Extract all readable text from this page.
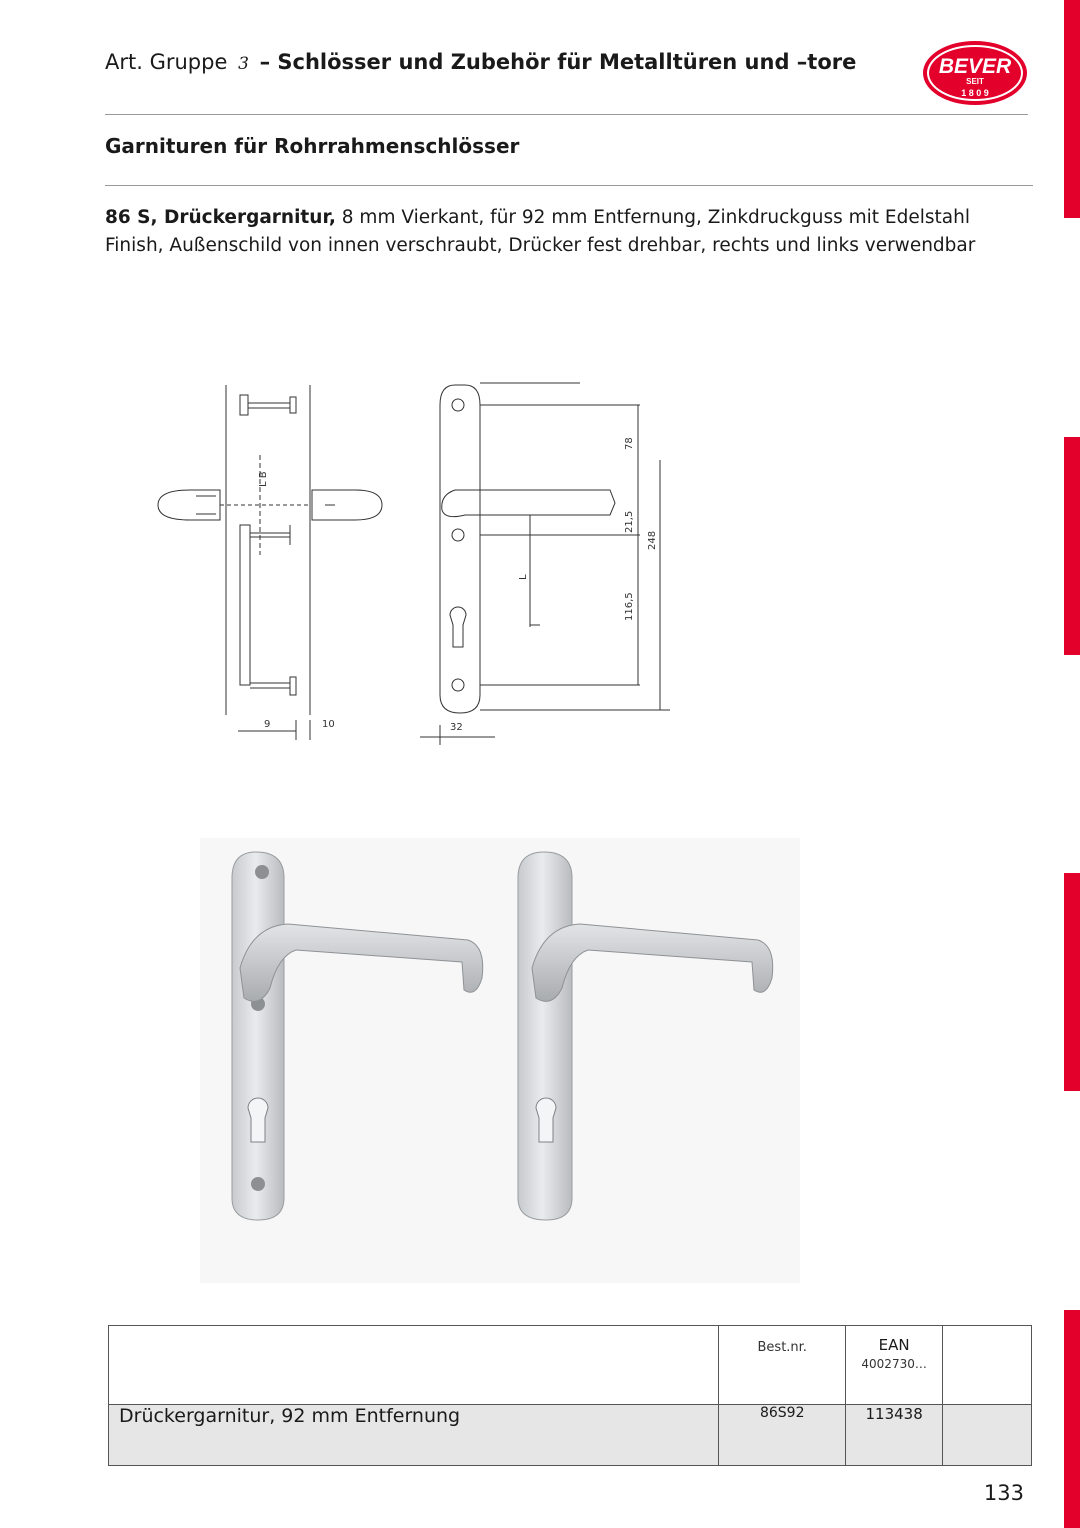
Art. Gruppe 3 – Schlösser und Zubehör für Metalltüren und –tore	BEVER
SEIT
1 8 0 9
Garnituren für Rohrrahmenschlösser
86 S, Drückergarnitur, 8 mm Vierkant, für 92 mm Entfernung, Zinkdruckguss mit Edelstahl Finish, Außenschild von innen verschraubt, Drücker fest drehbar, rechts und links verwendbar
78
21,5
248
116,5
L
L B
9	10	32
	Best.nr.	EAN
4002730…	

Drückergarnitur, 92 mm Entfernung	86S92	113438	
133
